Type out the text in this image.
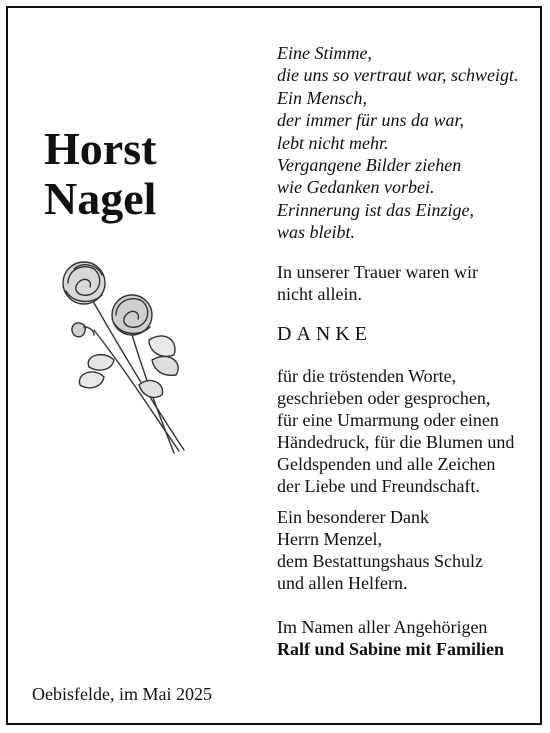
Horst
Nagel
Eine Stimme,
die uns so vertraut war, schweigt.
Ein Mensch,
der immer für uns da war,
lebt nicht mehr.
Vergangene Bilder ziehen
wie Gedanken vorbei.
Erinnerung ist das Einzige,
was bleibt.
In unserer Trauer waren wir
nicht allein.
DANKE
für die tröstenden Worte,
geschrieben oder gesprochen,
für eine Umarmung oder einen
Händedruck, für die Blumen und
Geldspenden und alle Zeichen
der Liebe und Freundschaft.
Ein besonderer Dank
Herrn Menzel,
dem Bestattungshaus Schulz
und allen Helfern.
Im Namen aller Angehörigen
Ralf und Sabine mit Familien
Oebisfelde, im Mai 2025
